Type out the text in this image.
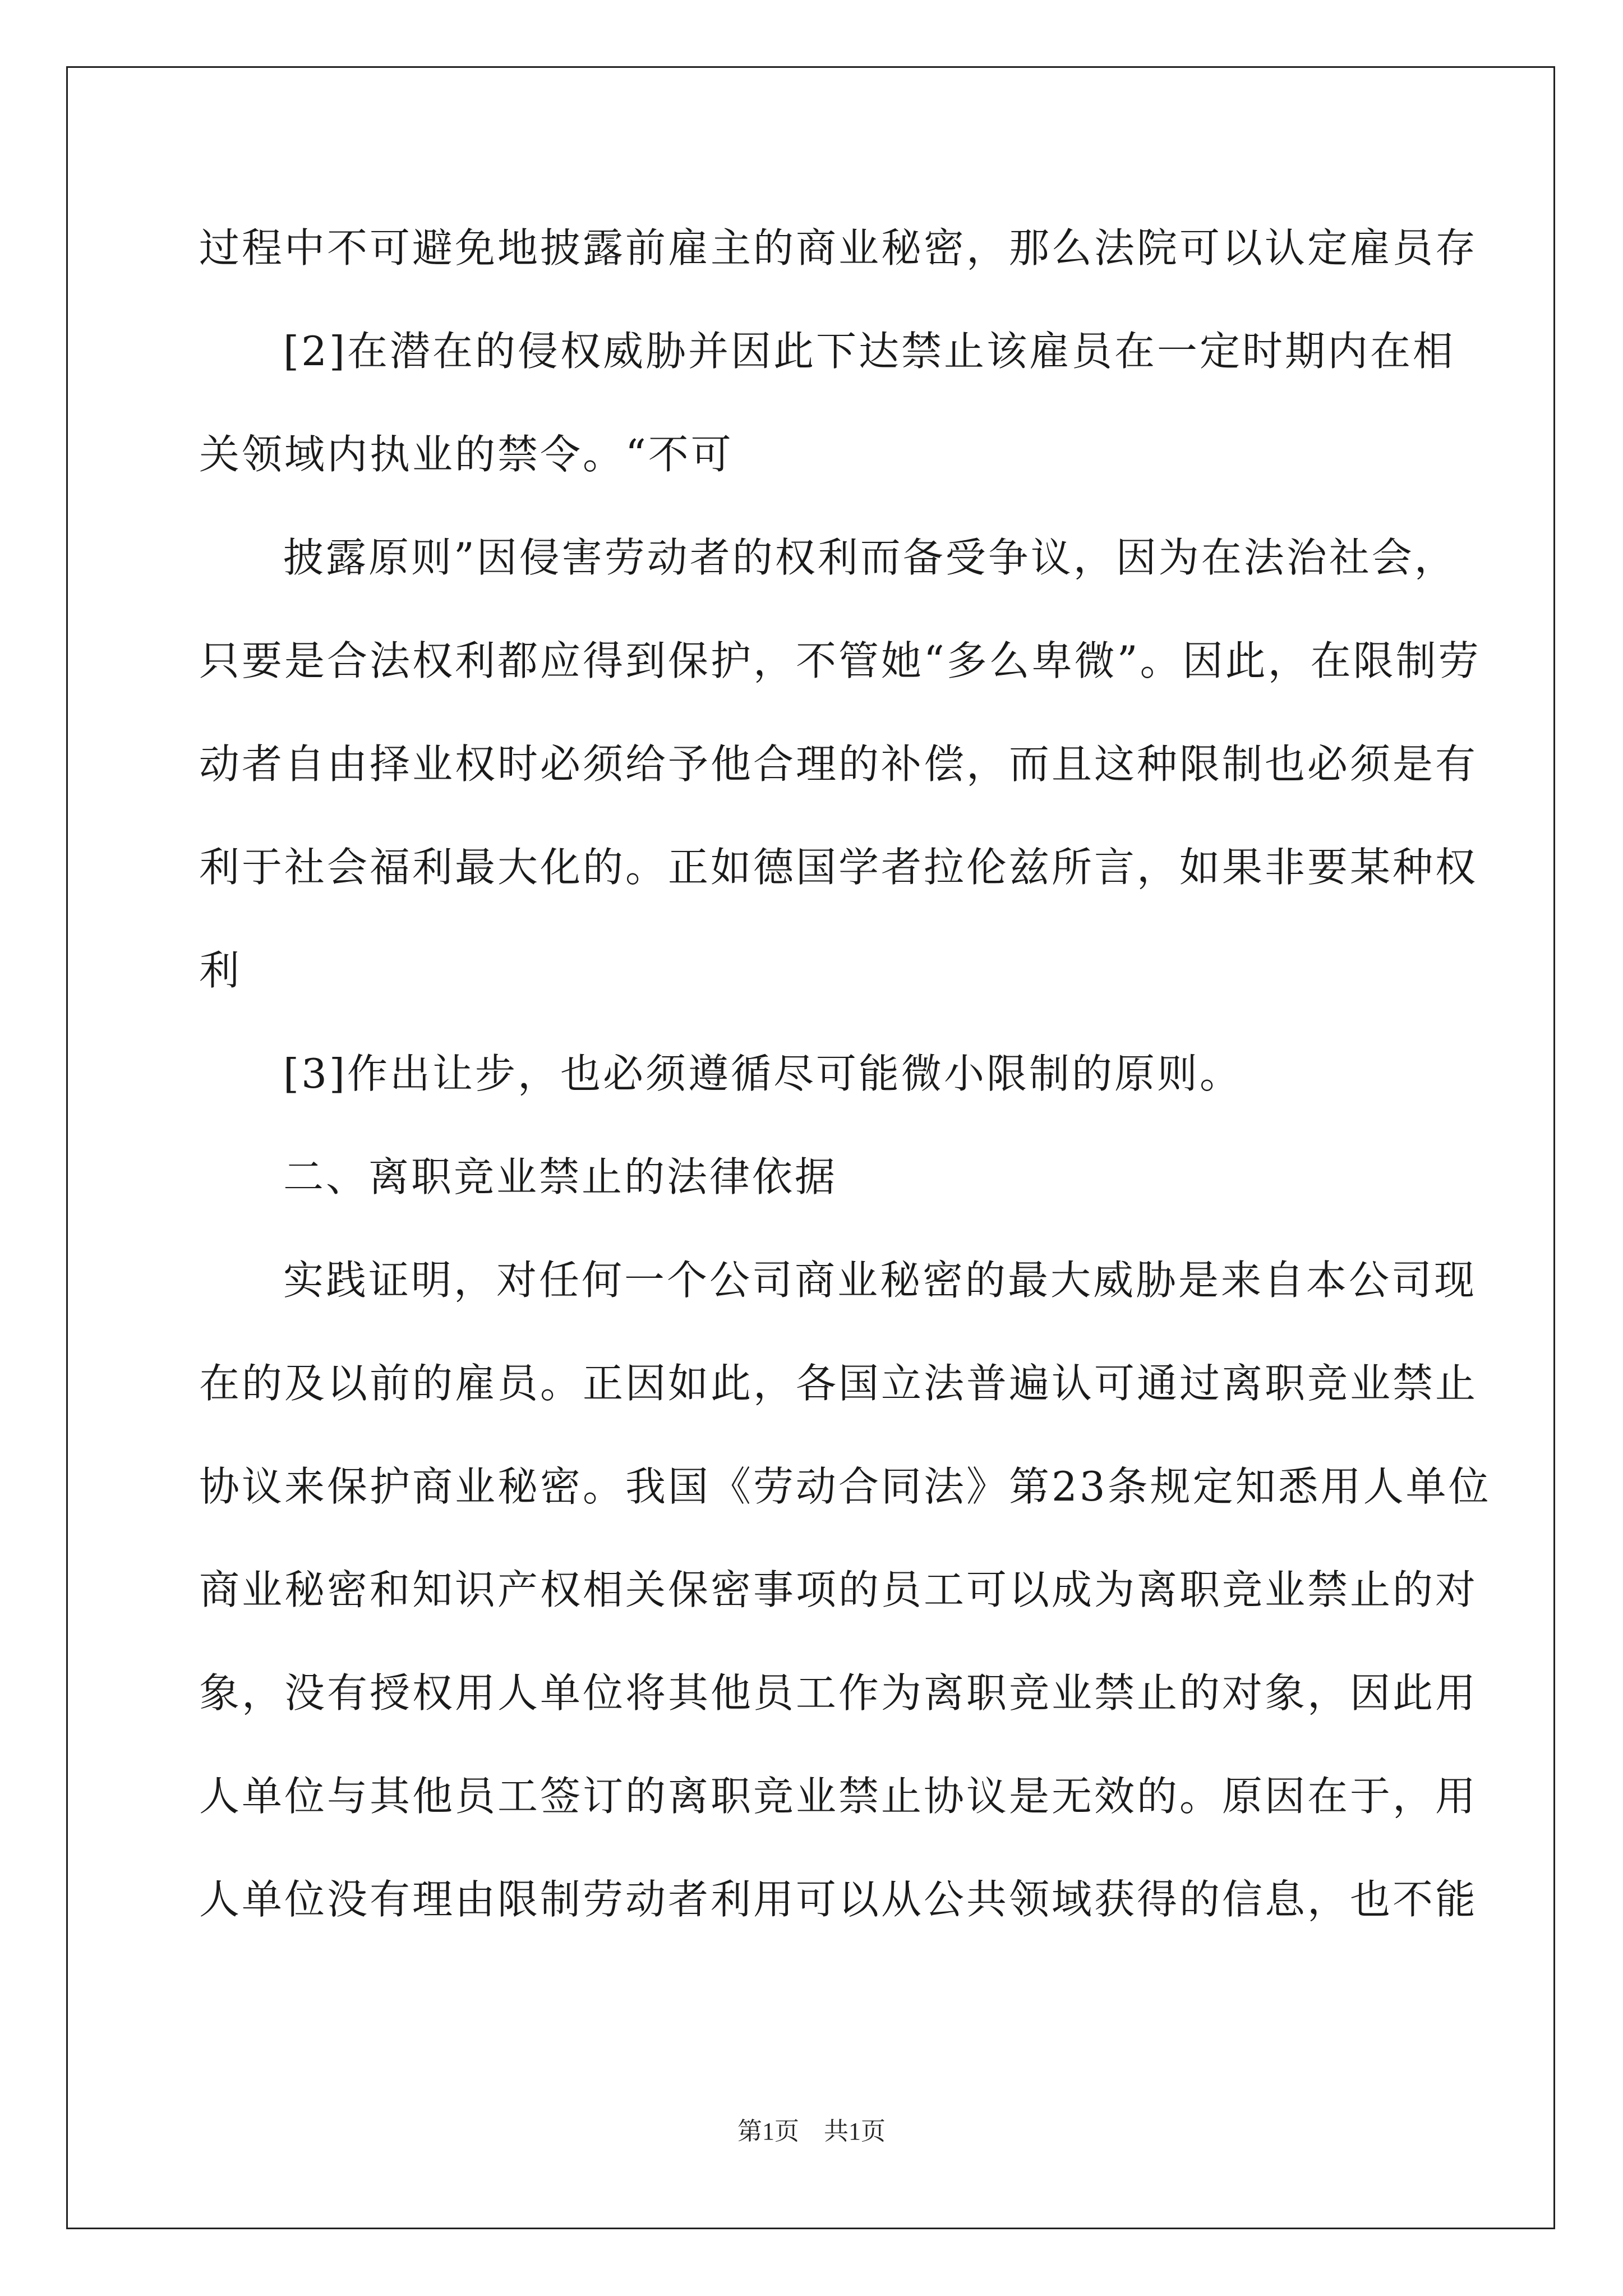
过程中不可避免地披露前雇主的商业秘密，那么法院可以认定雇员存
[2]在潜在的侵权威胁并因此下达禁止该雇员在一定时期内在相
关领域内执业的禁令。“不可
披露原则”因侵害劳动者的权利而备受争议，因为在法治社会，
只要是合法权利都应得到保护，不管她“多么卑微”。因此，在限制劳
动者自由择业权时必须给予他合理的补偿，而且这种限制也必须是有
利于社会福利最大化的。正如德国学者拉伦兹所言，如果非要某种权
利
[3]作出让步，也必须遵循尽可能微小限制的原则。
二、离职竞业禁止的法律依据
实践证明，对任何一个公司商业秘密的最大威胁是来自本公司现
在的及以前的雇员。正因如此，各国立法普遍认可通过离职竞业禁止
协议来保护商业秘密。我国《劳动合同法》第23条规定知悉用人单位
商业秘密和知识产权相关保密事项的员工可以成为离职竞业禁止的对
象，没有授权用人单位将其他员工作为离职竞业禁止的对象，因此用
人单位与其他员工签订的离职竞业禁止协议是无效的。原因在于，用
人单位没有理由限制劳动者利用可以从公共领域获得的信息，也不能
第1页　共1页
